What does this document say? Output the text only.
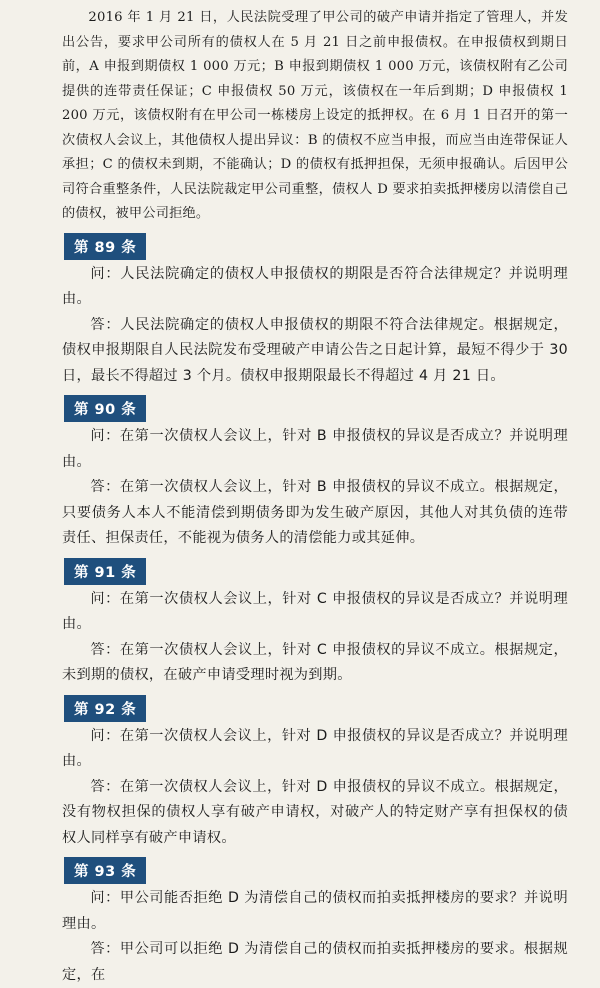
2016 年 1 月 21 日，人民法院受理了甲公司的破产申请并指定了管理人，并发出公告，要求甲公司所有的债权人在 5 月 21 日之前申报债权。在申报债权到期日前，A 申报到期债权 1 000 万元；B 申报到期债权 1 000 万元，该债权附有乙公司提供的连带责任保证；C 申报债权 50 万元，该债权在一年后到期；D 申报债权 1 200 万元，该债权附有在甲公司一栋楼房上设定的抵押权。在 6 月 1 日召开的第一次债权人会议上，其他债权人提出异议：B 的债权不应当申报，而应当由连带保证人承担；C 的债权未到期，不能确认；D 的债权有抵押担保，无须申报确认。后因甲公司符合重整条件，人民法院裁定甲公司重整，债权人 D 要求拍卖抵押楼房以清偿自己的债权，被甲公司拒绝。

第 89 条

问：人民法院确定的债权人申报债权的期限是否符合法律规定？并说明理由。

答：人民法院确定的债权人申报债权的期限不符合法律规定。根据规定，债权申报期限自人民法院发布受理破产申请公告之日起计算，最短不得少于 30 日，最长不得超过 3 个月。债权申报期限最长不得超过 4 月 21 日。

第 90 条

问：在第一次债权人会议上，针对 B 申报债权的异议是否成立？并说明理由。

答：在第一次债权人会议上，针对 B 申报债权的异议不成立。根据规定，只要债务人本人不能清偿到期债务即为发生破产原因，其他人对其负债的连带责任、担保责任，不能视为债务人的清偿能力或其延伸。

第 91 条

问：在第一次债权人会议上，针对 C 申报债权的异议是否成立？并说明理由。

答：在第一次债权人会议上，针对 C 申报债权的异议不成立。根据规定，未到期的债权，在破产申请受理时视为到期。

第 92 条

问：在第一次债权人会议上，针对 D 申报债权的异议是否成立？并说明理由。

答：在第一次债权人会议上，针对 D 申报债权的异议不成立。根据规定，没有物权担保的债权人享有破产申请权，对破产人的特定财产享有担保权的债权人同样享有破产申请权。

第 93 条

问：甲公司能否拒绝 D 为清偿自己的债权而拍卖抵押楼房的要求？并说明理由。

答：甲公司可以拒绝 D 为清偿自己的债权而拍卖抵押楼房的要求。根据规定，在
